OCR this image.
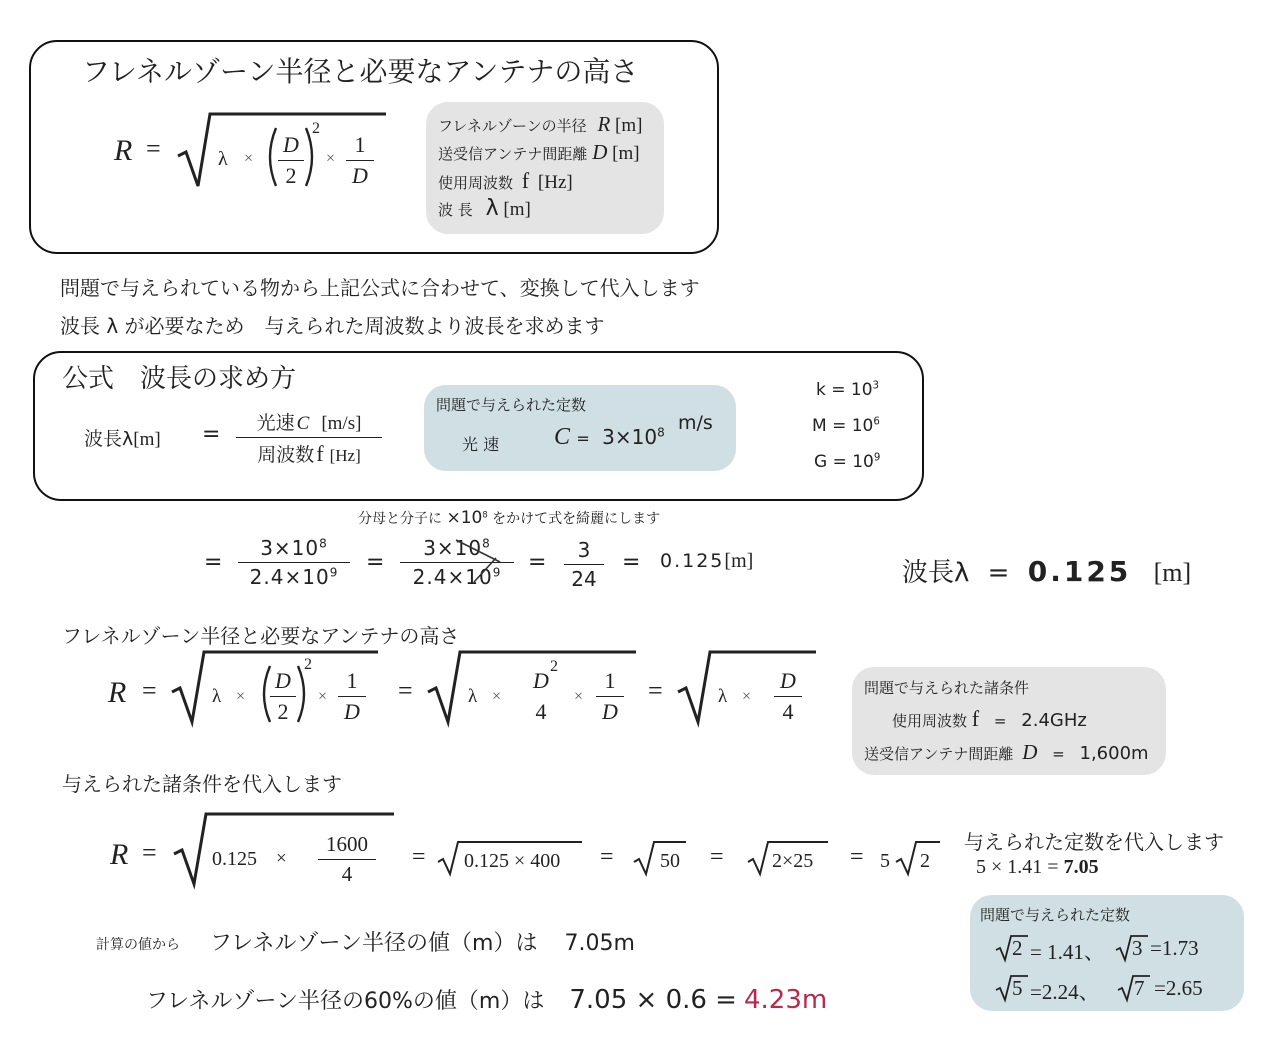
フレネルゾーン半径と必要なアンテナの高さ
R =	λ ×
D
2
2
×
1
D
フレネルゾーンの半径 R [m]
送受信アンテナ間距離 D [m]
使用周波数 f [Hz]
波 長 λ [m]
問題で与えられている物から上記公式に合わせて、変換して代入します
波長 λ が必要なため　与えられた周波数より波長を求めます
公式　波長の求め方
波長λ[m] =	光速 C [m/s]
周波数f [Hz]
問題で与えられた定数
光 速 $C = 3\times 10^8$ m/s
$k = 10^3$
$M = 10^6$
$G = 10^9$
分母と分子に $\times 10^8$ をかけて式を綺麗にします
=
$3\times 10^8$
$2.4\times 10^9$	=
$3\times 10^8$
$2.4\times 10^9$	=	3
24
= 0.125[m]	波長λ = 0.125 [m]
フレネルゾーン半径と必要なアンテナの高さ
R =	λ ×
D
2
2
×
1
D
=	λ ×
D
4
2
×
1
D
=	λ ×
D
4
問題で与えられた諸条件
使用周波数 f = 2.4GHz
送受信アンテナ間距離 D = 1,600m
与えられた諸条件を代入します
R =	0.125 ×
1600
4
= 0.125 × 400 = 50 = 2×25 = 5 2
与えられた定数を代入します
5 × 1.41 = 7.05
問題で与えられた定数
2 = 1.41、 3 =1.73
5 =2.24、 7 =2.65
計算の値から フレネルゾーン半径の値（m）は 7.05m
フレネルゾーン半径の60%の値（m）は 7.05 × 0.6 = 4.23m
